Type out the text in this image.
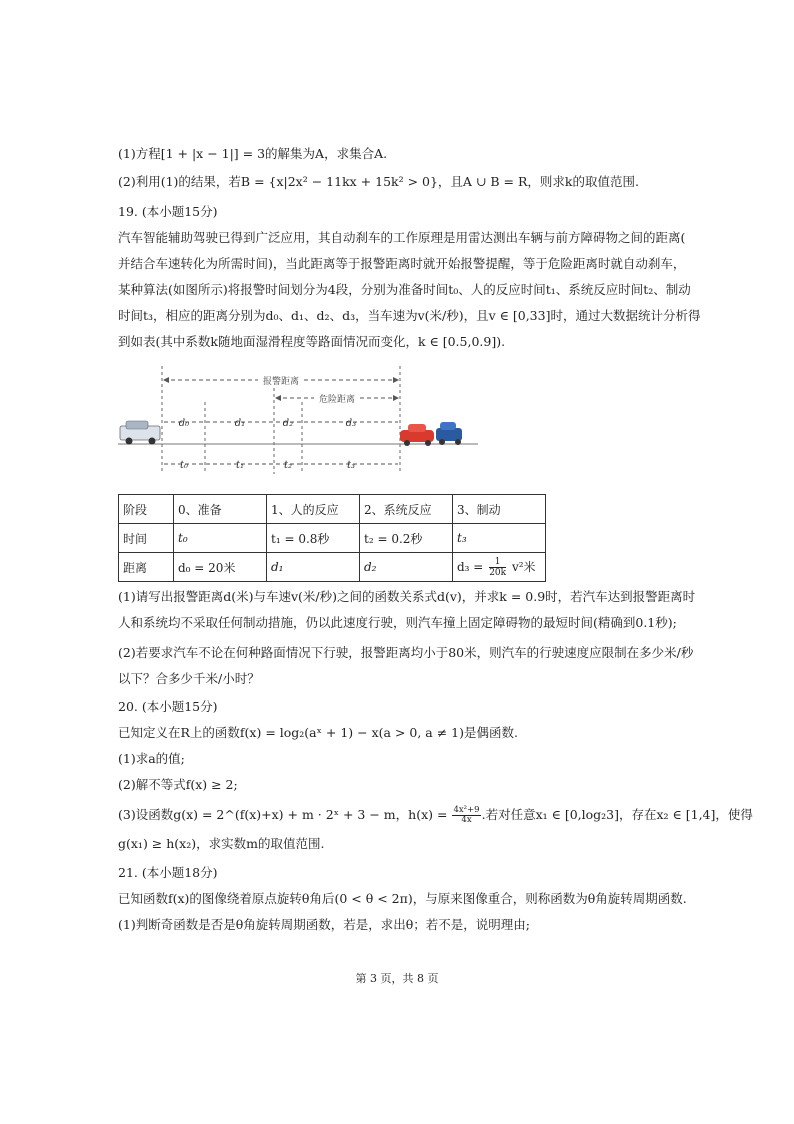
(1)方程[1 + |x − 1|] = 3的解集为A，求集合A.
(2)利用(1)的结果，若B = {x|2x² − 11kx + 15k² > 0}，且A ∪ B = R，则求k的取值范围.
19. (本小题15分)
汽车智能辅助驾驶已得到广泛应用，其自动刹车的工作原理是用雷达测出车辆与前方障碍物之间的距离(
并结合车速转化为所需时间)，当此距离等于报警距离时就开始报警提醒，等于危险距离时就自动刹车，
某种算法(如图所示)将报警时间划分为4段，分别为准备时间t₀、人的反应时间t₁、系统反应时间t₂、制动
时间t₃，相应的距离分别为d₀、d₁、d₂、d₃，当车速为v(米/秒)，且v ∈ [0,33]时，通过大数据统计分析得
到如表(其中系数k随地面湿滑程度等路面情况而变化，k ∈ [0.5,0.9]).
报警距离
危险距离
d₀	d₁	d₂	d₃
t₀	t₁	t₂	t₃
阶段	0、准备	1、人的反应	2、系统反应	3、制动
时间	t₀	t₁ = 0.8秒	t₂ = 0.2秒	t₃
距离	d₀ = 20米	d₁	d₂	$d_3 = \frac{1}{20k} v^2$米
(1)请写出报警距离d(米)与车速v(米/秒)之间的函数关系式d(v)，并求k = 0.9时，若汽车达到报警距离时
人和系统均不采取任何制动措施，仍以此速度行驶，则汽车撞上固定障碍物的最短时间(精确到0.1秒);
(2)若要求汽车不论在何种路面情况下行驶，报警距离均小于80米，则汽车的行驶速度应限制在多少米/秒
以下？合多少千米/小时？
20. (本小题15分)
已知定义在R上的函数f(x) = log₂(aˣ + 1) − x(a > 0, a ≠ 1)是偶函数.
(1)求a的值;
(2)解不等式f(x) ≥ 2;
(3)设函数g(x) = 2^(f(x)+x) + m · 2ˣ + 3 − m，$h(x) = \frac{\text{4x²+9}}{4x}$ .若对任意x₁ ∈ [0,log₂3]，存在x₂ ∈ [1,4]，使得
g(x₁) ≥ h(x₂)，求实数m的取值范围.
21. (本小题18分)
已知函数f(x)的图像绕着原点旋转θ角后(0 < θ < 2π)，与原来图像重合，则称函数为θ角旋转周期函数.
(1)判断奇函数是否是θ角旋转周期函数，若是，求出θ；若不是，说明理由;
第 3 页，共 8 页
